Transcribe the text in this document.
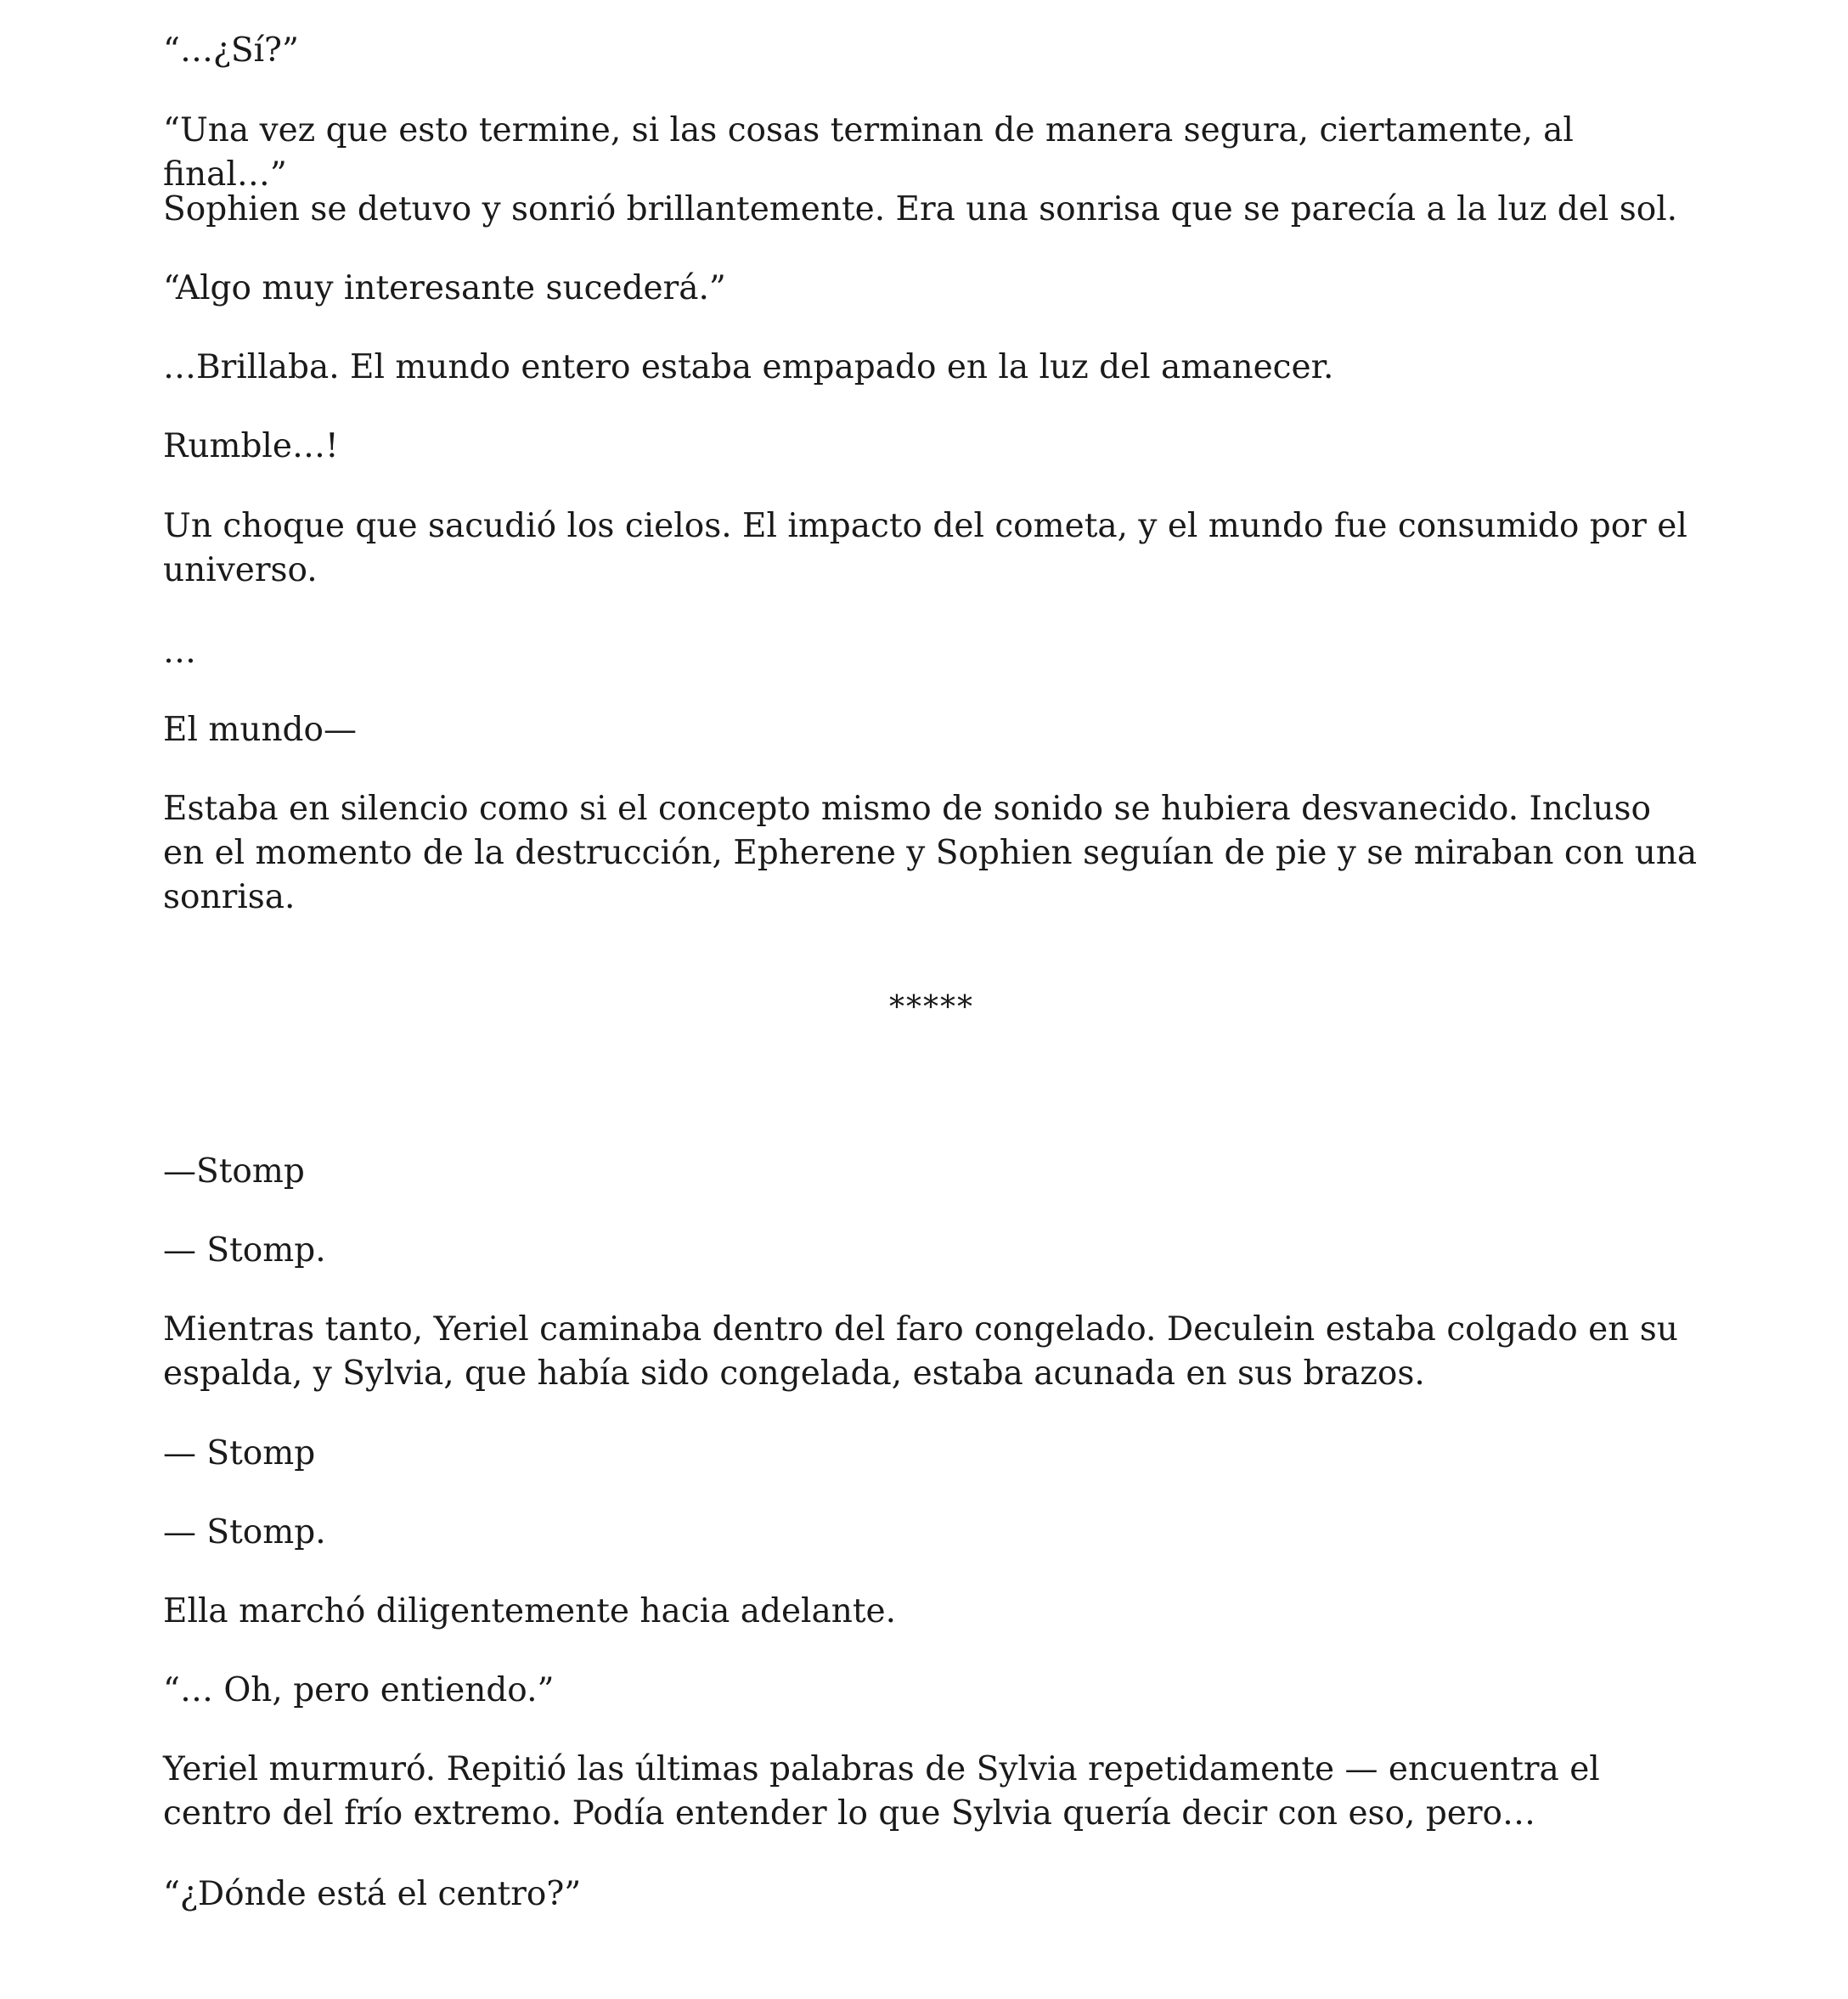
“…¿Sí?”

“Una vez que esto termine, si las cosas terminan de manera segura, ciertamente, al final…”

Sophien se detuvo y sonrió brillantemente. Era una sonrisa que se parecía a la luz del sol.

“Algo muy interesante sucederá.”

…Brillaba. El mundo entero estaba empapado en la luz del amanecer.

Rumble…!

Un choque que sacudió los cielos. El impacto del cometa, y el mundo fue consumido por el universo.

…

El mundo—

Estaba en silencio como si el concepto mismo de sonido se hubiera desvanecido. Incluso en el momento de la destrucción, Epherene y Sophien seguían de pie y se miraban con una sonrisa.

*****

—Stomp

— Stomp.

Mientras tanto, Yeriel caminaba dentro del faro congelado. Deculein estaba colgado en su espalda, y Sylvia, que había sido congelada, estaba acunada en sus brazos.

— Stomp

— Stomp.

Ella marchó diligentemente hacia adelante.

“… Oh, pero entiendo.”

Yeriel murmuró. Repitió las últimas palabras de Sylvia repetidamente — encuentra el centro del frío extremo. Podía entender lo que Sylvia quería decir con eso, pero…

“¿Dónde está el centro?”
